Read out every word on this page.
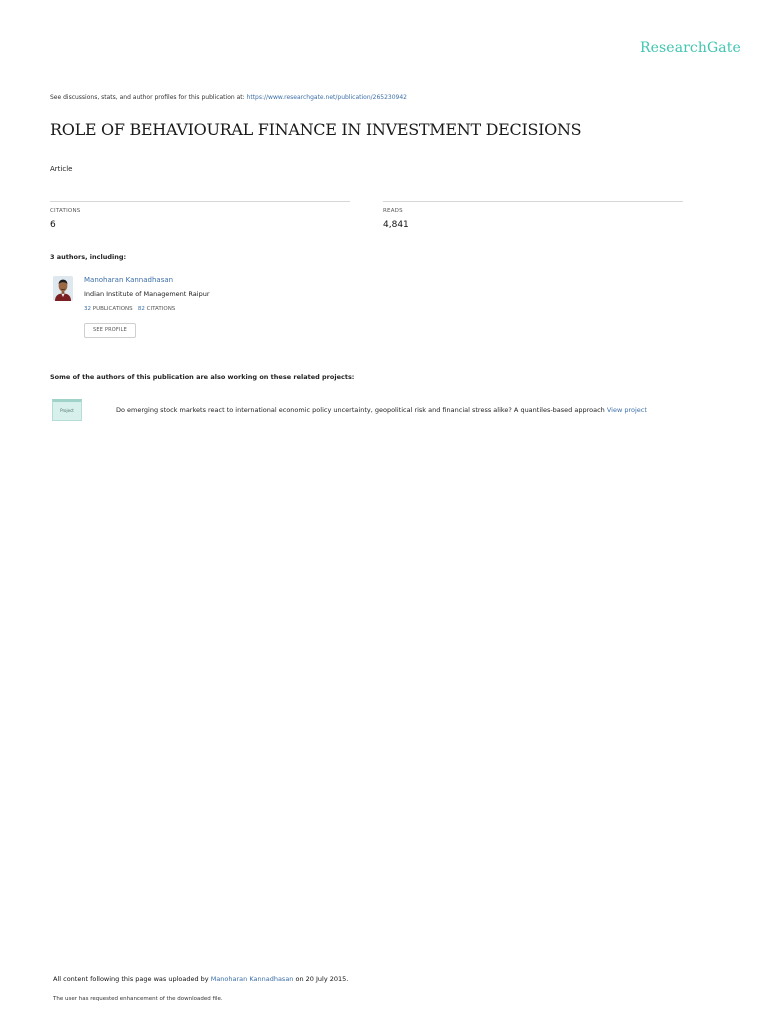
ResearchGate
See discussions, stats, and author profiles for this publication at: https://www.researchgate.net/publication/265230942
ROLE OF BEHAVIOURAL FINANCE IN INVESTMENT DECISIONS
Article
CITATIONS
6
READS
4,841
3 authors, including:
Manoharan Kannadhasan
Indian Institute of Management Raipur
32 PUBLICATIONS 82 CITATIONS
SEE PROFILE
Some of the authors of this publication are also working on these related projects:
Project	Do emerging stock markets react to international economic policy uncertainty, geopolitical risk and financial stress alike? A quantiles-based approach View project
All content following this page was uploaded by Manoharan Kannadhasan on 20 July 2015.
The user has requested enhancement of the downloaded file.
